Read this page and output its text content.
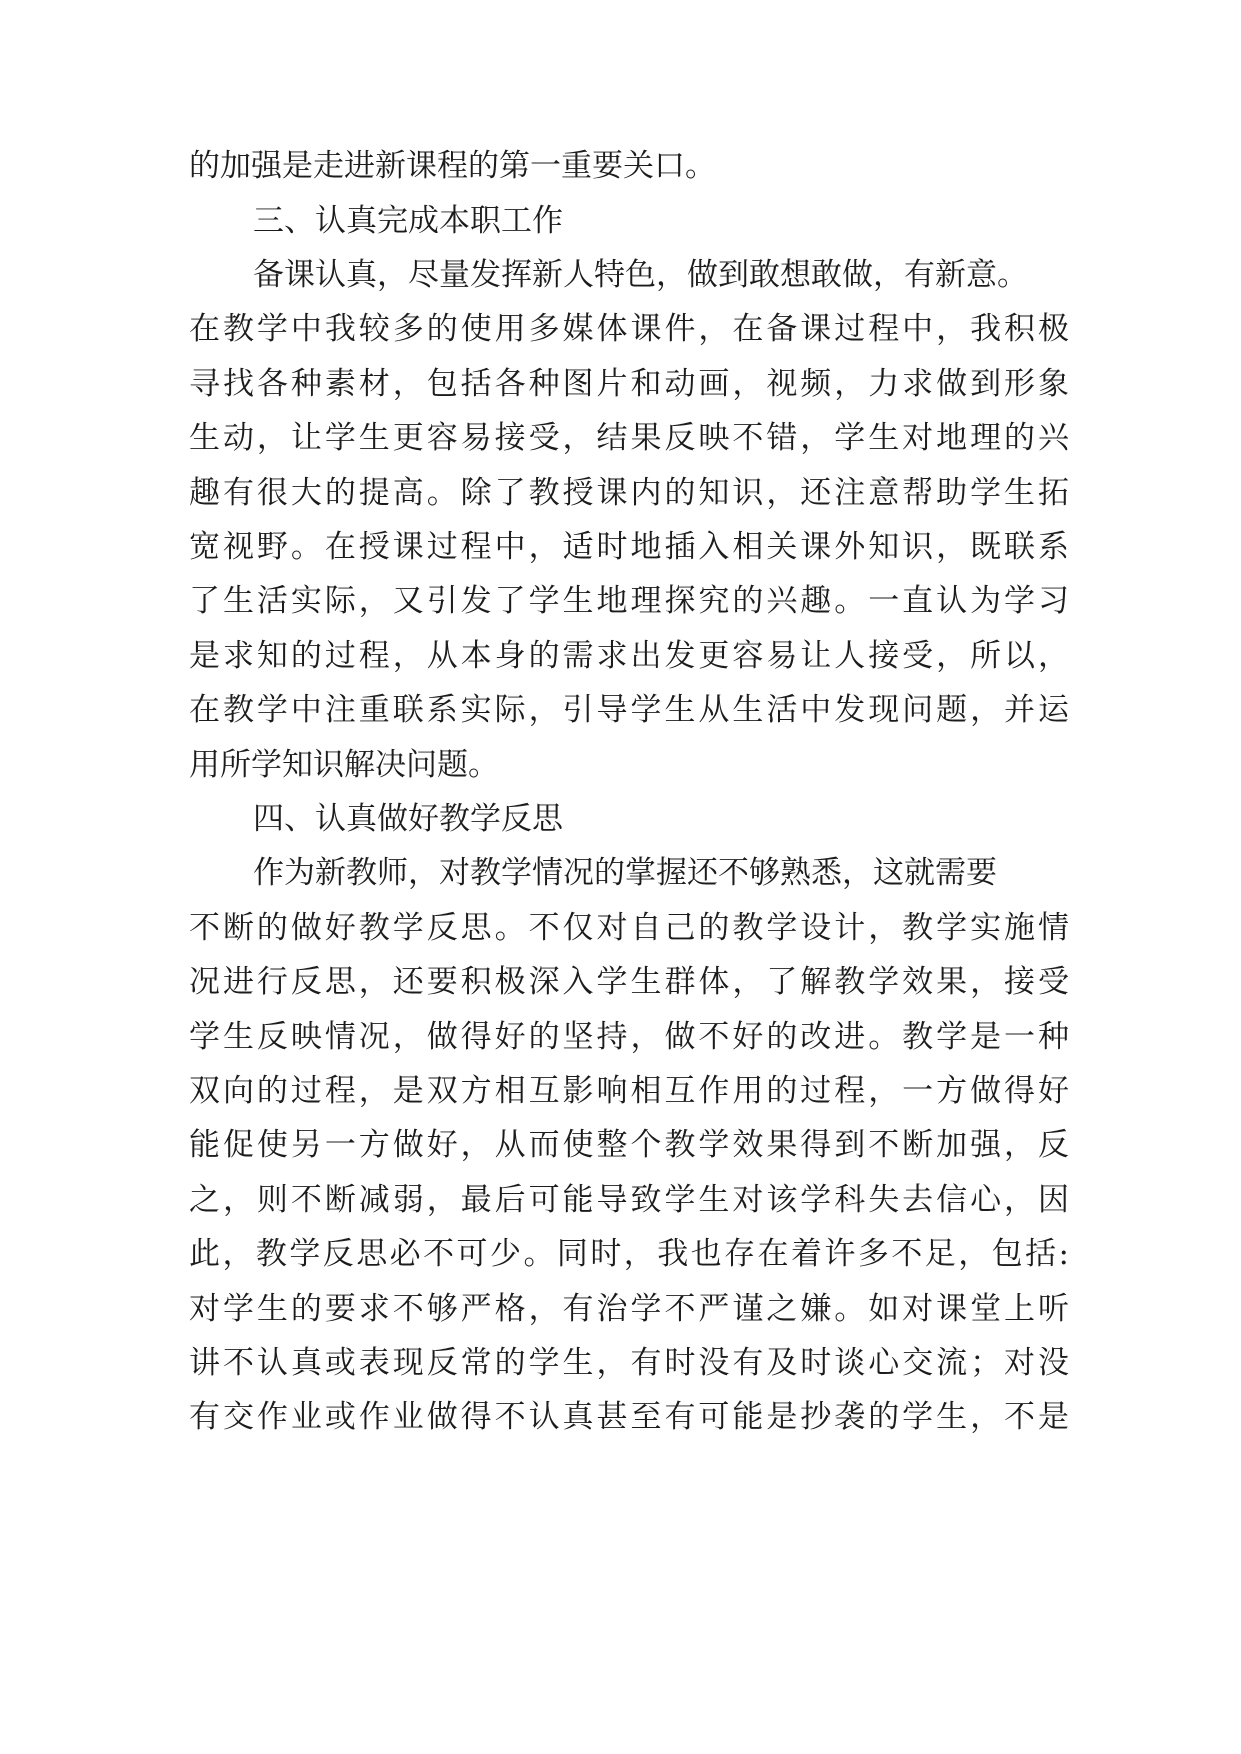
的加强是走进新课程的第一重要关口。
三、认真完成本职工作
备课认真，尽量发挥新人特色，做到敢想敢做，有新意。
在教学中我较多的使用多媒体课件，在备课过程中，我积极
寻找各种素材，包括各种图片和动画，视频，力求做到形象
生动，让学生更容易接受，结果反映不错，学生对地理的兴
趣有很大的提高。除了教授课内的知识，还注意帮助学生拓
宽视野。在授课过程中，适时地插入相关课外知识，既联系
了生活实际，又引发了学生地理探究的兴趣。一直认为学习
是求知的过程，从本身的需求出发更容易让人接受，所以，
在教学中注重联系实际，引导学生从生活中发现问题，并运
用所学知识解决问题。
四、认真做好教学反思
作为新教师，对教学情况的掌握还不够熟悉，这就需要
不断的做好教学反思。不仅对自己的教学设计，教学实施情
况进行反思，还要积极深入学生群体，了解教学效果，接受
学生反映情况，做得好的坚持，做不好的改进。教学是一种
双向的过程，是双方相互影响相互作用的过程，一方做得好
能促使另一方做好，从而使整个教学效果得到不断加强，反
之，则不断减弱，最后可能导致学生对该学科失去信心，因
此，教学反思必不可少。同时，我也存在着许多不足，包括:
对学生的要求不够严格，有治学不严谨之嫌。如对课堂上听
讲不认真或表现反常的学生，有时没有及时谈心交流；对没
有交作业或作业做得不认真甚至有可能是抄袭的学生，不是
